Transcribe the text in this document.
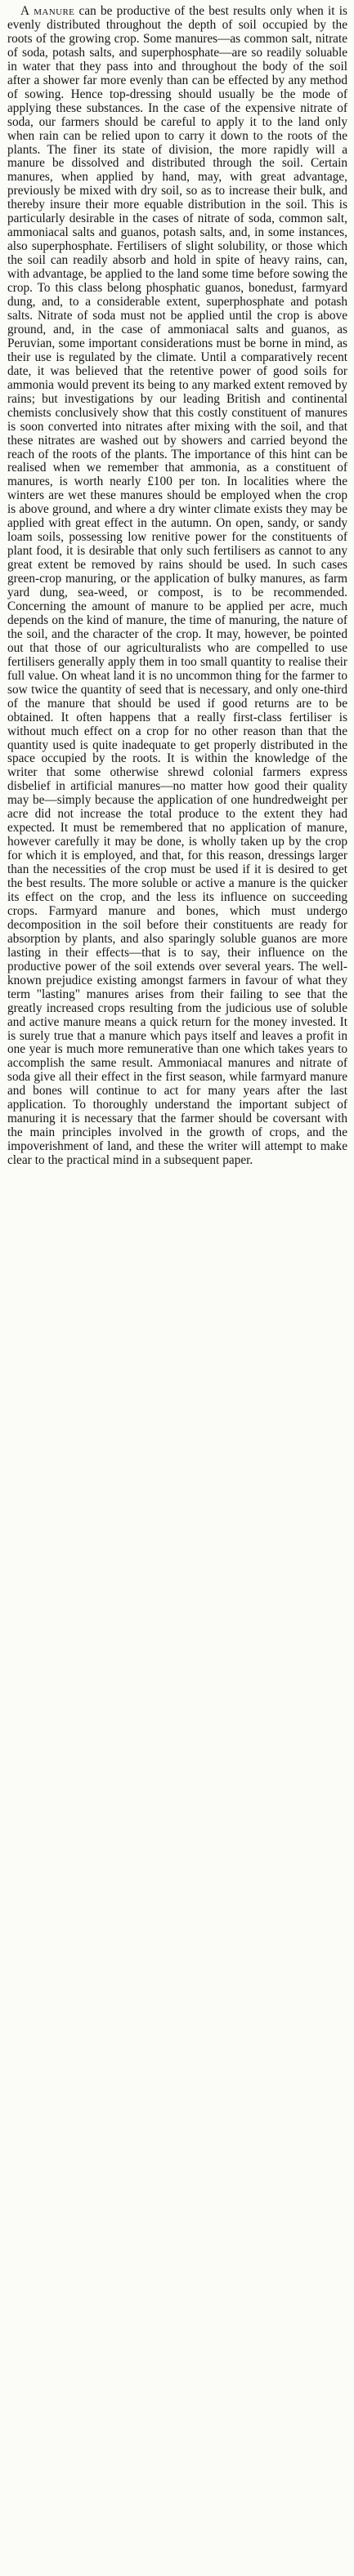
A manure can be productive of the best results only when it is evenly distributed throughout the depth of soil occupied by the roots of the growing crop. Some manures—as common salt, nitrate of soda, potash salts, and superphosphate—are so readily soluable in water that they pass into and throughout the body of the soil after a shower far more evenly than can be effected by any method of sowing. Hence top-dressing should usually be the mode of applying these substances. In the case of the expensive nitrate of soda, our farmers should be careful to apply it to the land only when rain can be relied upon to carry it down to the roots of the plants. The finer its state of division, the more rapidly will a manure be dissolved and distributed through the soil. Certain manures, when applied by hand, may, with great advantage, previously be mixed with dry soil, so as to increase their bulk, and thereby insure their more equable distribution in the soil. This is particularly desirable in the cases of nitrate of soda, common salt, ammoniacal salts and guanos, potash salts, and, in some instances, also superphosphate. Fertilisers of slight solubility, or those which the soil can readily absorb and hold in spite of heavy rains, can, with advantage, be applied to the land some time before sowing the crop. To this class belong phosphatic guanos, bonedust, farmyard dung, and, to a considerable extent, superphosphate and potash salts. Nitrate of soda must not be applied until the crop is above ground, and, in the case of ammoniacal salts and guanos, as Peruvian, some important considerations must be borne in mind, as their use is regulated by the climate. Until a comparatively recent date, it was believed that the retentive power of good soils for ammonia would prevent its being to any marked extent removed by rains; but investigations by our leading British and continental chemists conclusively show that this costly constituent of manures is soon converted into nitrates after mixing with the soil, and that these nitrates are washed out by showers and carried beyond the reach of the roots of the plants. The importance of this hint can be realised when we remember that ammonia, as a constituent of manures, is worth nearly £100 per ton. In localities where the winters are wet these manures should be employed when the crop is above ground, and where a dry winter climate exists they may be applied with great effect in the autumn. On open, sandy, or sandy loam soils, possessing low renitive power for the constituents of plant food, it is desirable that only such fertilisers as cannot to any great extent be removed by rains should be used. In such cases green-crop manuring, or the application of bulky manures, as farm yard dung, sea-weed, or compost, is to be recommended. Concerning the amount of manure to be applied per acre, much depends on the kind of manure, the time of manuring, the nature of the soil, and the character of the crop. It may, however, be pointed out that those of our agriculturalists who are compelled to use fertilisers generally apply them in too small quantity to realise their full value. On wheat land it is no uncommon thing for the farmer to sow twice the quantity of seed that is necessary, and only one-third of the manure that should be used if good returns are to be obtained. It often happens that a really first-class fertiliser is without much effect on a crop for no other reason than that the quantity used is quite inadequate to get properly distributed in the space occupied by the roots. It is within the knowledge of the writer that some otherwise shrewd colonial farmers express disbelief in artificial manures—no matter how good their quality may be—simply because the application of one hundredweight per acre did not increase the total produce to the extent they had expected. It must be remembered that no application of manure, however carefully it may be done, is wholly taken up by the crop for which it is employed, and that, for this reason, dressings larger than the necessities of the crop must be used if it is desired to get the best results. The more soluble or active a manure is the quicker its effect on the crop, and the less its influence on succeeding crops. Farmyard manure and bones, which must undergo decomposition in the soil before their constituents are ready for absorption by plants, and also sparingly soluble guanos are more lasting in their effects—that is to say, their influence on the productive power of the soil extends over several years. The well-known prejudice existing amongst farmers in favour of what they term "lasting" manures arises from their failing to see that the greatly increased crops resulting from the judicious use of soluble and active manure means a quick return for the money invested. It is surely true that a manure which pays itself and leaves a profit in one year is much more remunerative than one which takes years to accomplish the same result. Ammoniacal manures and nitrate of soda give all their effect in the first season, while farmyard manure and bones will continue to act for many years after the last application. To thoroughly understand the important subject of manuring it is necessary that the farmer should be coversant with the main principles involved in the growth of crops, and the impoverishment of land, and these the writer will attempt to make clear to the practical mind in a subsequent paper.
